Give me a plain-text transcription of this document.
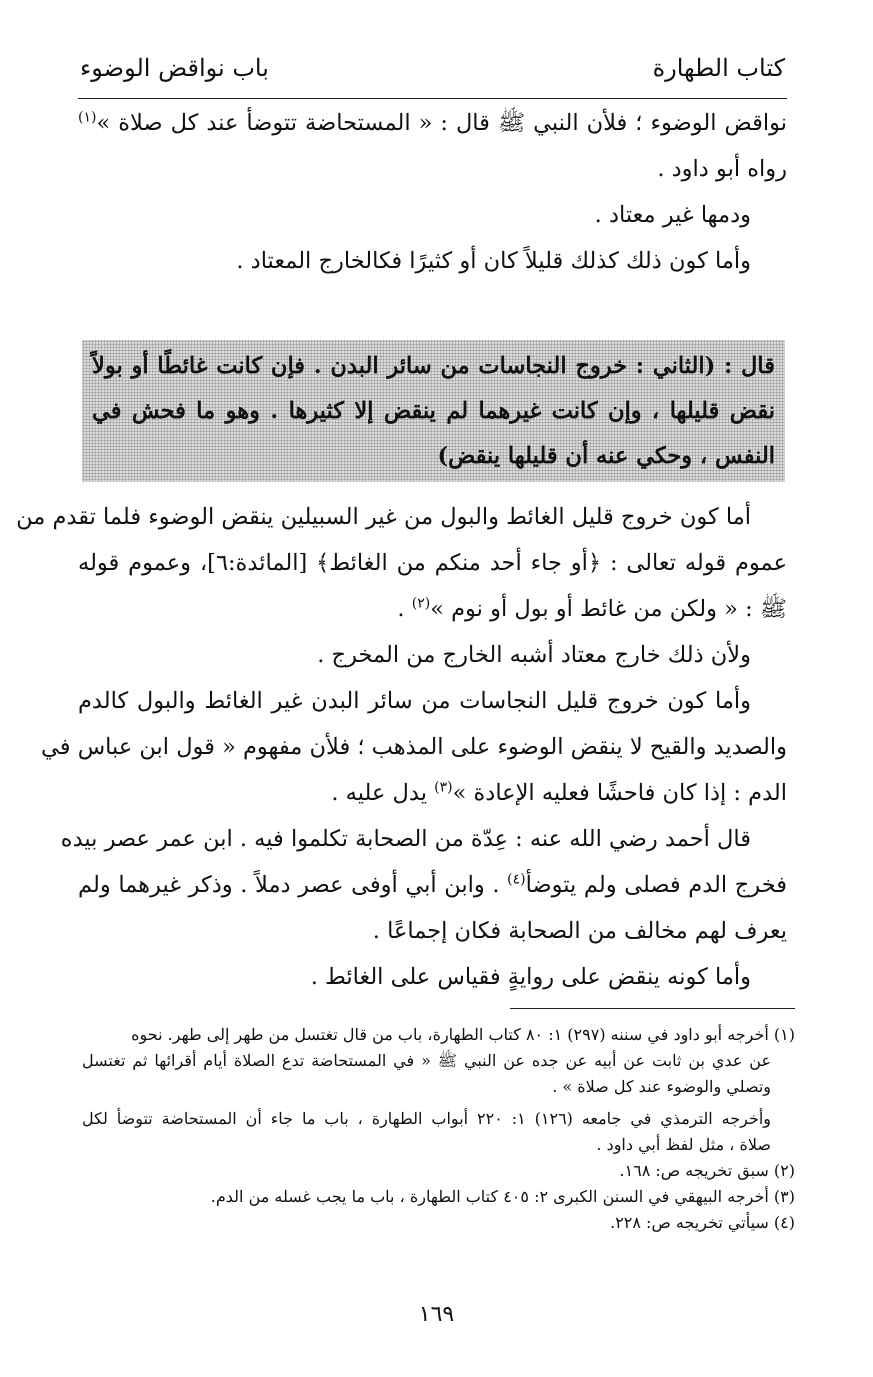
كتاب الطهارة
باب نواقض الوضوء
نواقض الوضوء ؛ فلأن النبي ﷺ قال : « المستحاضة تتوضأ عند كل صلاة »$^{(١)}$
رواه أبو داود .
ودمها غير معتاد .
وأما كون ذلك كذلك قليلاً كان أو كثيرًا فكالخارج المعتاد .
قال : (الثاني : خروج النجاسات من سائر البدن . فإن كانت غائطًا أو بولاً
نقض قليلها ، وإن كانت غيرهما لم ينقض إلا كثيرها . وهو ما فحش في
النفس ، وحكي عنه أن قليلها ينقض)
أما كون خروج قليل الغائط والبول من غير السبيلين ينقض الوضوء فلما تقدم من
عموم قوله تعالى : ﴿أو جاء أحد منكم من الغائط﴾ [المائدة:٦]، وعموم قوله
ﷺ : « ولكن من غائط أو بول أو نوم »$^{(٢)}$ .
ولأن ذلك خارج معتاد أشبه الخارج من المخرج .
وأما كون خروج قليل النجاسات من سائر البدن غير الغائط والبول كالدم
والصديد والقيح لا ينقض الوضوء على المذهب ؛ فلأن مفهوم « قول ابن عباس في
الدم : إذا كان فاحشًا فعليه الإعادة »$^{(٣)}$ يدل عليه .
قال أحمد رضي الله عنه : عِدّة من الصحابة تكلموا فيه . ابن عمر عصر بيده
فخرج الدم فصلى ولم يتوضأ$^{(٤)}$ . وابن أبي أوفى عصر دملاً . وذكر غيرهما ولم
يعرف لهم مخالف من الصحابة فكان إجماعًا .
وأما كونه ينقض على روايةٍ فقياس على الغائط .
(١) أخرجه أبو داود في سننه (٢٩٧) ١: ٨٠ كتاب الطهارة، باب من قال تغتسل من طهر إلى طهر. نحوه
عن عدي بن ثابت عن أبيه عن جده عن النبي ﷺ « في المستحاضة تدع الصلاة أيام أقرائها ثم تغتسل
وتصلي والوضوء عند كل صلاة » .
وأخرجه الترمذي في جامعه (١٢٦) ١: ٢٢٠ أبواب الطهارة ، باب ما جاء أن المستحاضة تتوضأ لكل
صلاة ، مثل لفظ أبي داود .
(٢) سبق تخريجه ص: ١٦٨.
(٣) أخرجه البيهقي في السنن الكبرى ٢: ٤٠٥ كتاب الطهارة ، باب ما يجب غسله من الدم.
(٤) سيأتي تخريجه ص: ٢٢٨.
١٦٩
